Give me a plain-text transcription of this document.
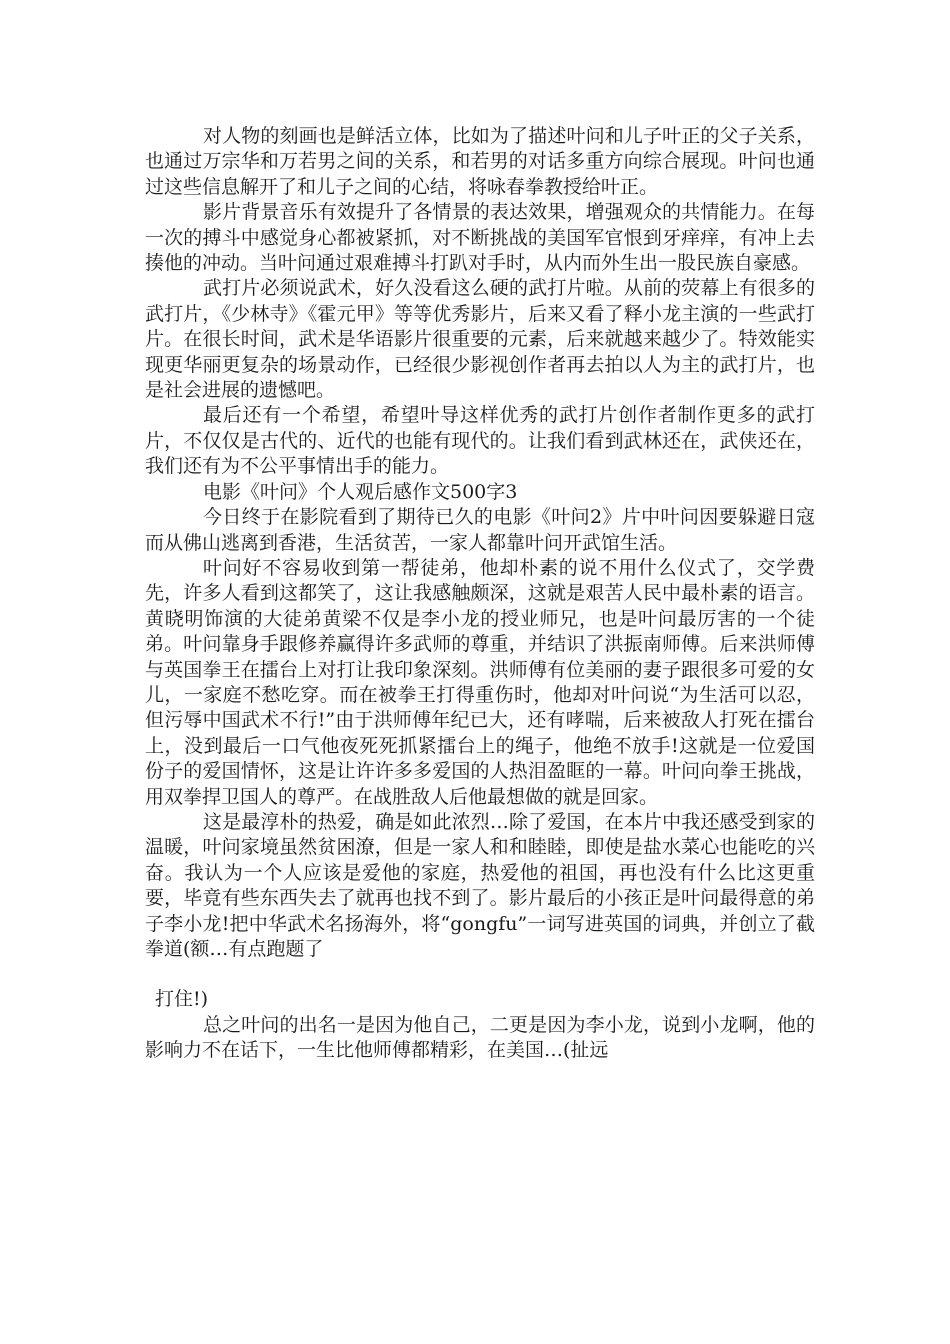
对人物的刻画也是鲜活立体，比如为了描述叶问和儿子叶正的父子关系，也通过万宗华和万若男之间的关系，和若男的对话多重方向综合展现。叶问也通过这些信息解开了和儿子之间的心结，将咏春拳教授给叶正。

影片背景音乐有效提升了各情景的表达效果，增强观众的共情能力。在每一次的搏斗中感觉身心都被紧抓，对不断挑战的美国军官恨到牙痒痒，有冲上去揍他的冲动。当叶问通过艰难搏斗打趴对手时，从内而外生出一股民族自豪感。

武打片必须说武术，好久没看这么硬的武打片啦。从前的荧幕上有很多的武打片，《少林寺》《霍元甲》等等优秀影片，后来又看了释小龙主演的一些武打片。在很长时间，武术是华语影片很重要的元素，后来就越来越少了。特效能实现更华丽更复杂的场景动作，已经很少影视创作者再去拍以人为主的武打片，也是社会进展的遗憾吧。

最后还有一个希望，希望叶导这样优秀的武打片创作者制作更多的武打片，不仅仅是古代的、近代的也能有现代的。让我们看到武林还在，武侠还在，我们还有为不公平事情出手的能力。

电影《叶问》个人观后感作文500字3

今日终于在影院看到了期待已久的电影《叶问2》片中叶问因要躲避日寇而从佛山逃离到香港，生活贫苦，一家人都靠叶问开武馆生活。

叶问好不容易收到第一帮徒弟，他却朴素的说不用什么仪式了，交学费先，许多人看到这都笑了，这让我感触颇深，这就是艰苦人民中最朴素的语言。黄晓明饰演的大徒弟黄梁不仅是李小龙的授业师兄，也是叶问最厉害的一个徒弟。叶问靠身手跟修养赢得许多武师的尊重，并结识了洪振南师傅。后来洪师傅与英国拳王在擂台上对打让我印象深刻。洪师傅有位美丽的妻子跟很多可爱的女儿，一家庭不愁吃穿。而在被拳王打得重伤时，他却对叶问说“为生活可以忍，但污辱中国武术不行!”由于洪师傅年纪已大，还有哮喘，后来被敌人打死在擂台上，没到最后一口气他夜死死抓紧擂台上的绳子，他绝不放手!这就是一位爱国份子的爱国情怀，这是让许许多多爱国的人热泪盈眶的一幕。叶问向拳王挑战，用双拳捍卫国人的尊严。在战胜敌人后他最想做的就是回家。

这是最淳朴的热爱，确是如此浓烈…除了爱国，在本片中我还感受到家的温暖，叶问家境虽然贫困潦，但是一家人和和睦睦，即使是盐水菜心也能吃的兴奋。我认为一个人应该是爱他的家庭，热爱他的祖国，再也没有什么比这更重要，毕竟有些东西失去了就再也找不到了。影片最后的小孩正是叶问最得意的弟子李小龙!把中华武术名扬海外，将“gongfu”一词写进英国的词典，并创立了截拳道(额…有点跑题了

打住!)

总之叶问的出名一是因为他自己，二更是因为李小龙，说到小龙啊，他的影响力不在话下，一生比他师傅都精彩，在美国…(扯远
